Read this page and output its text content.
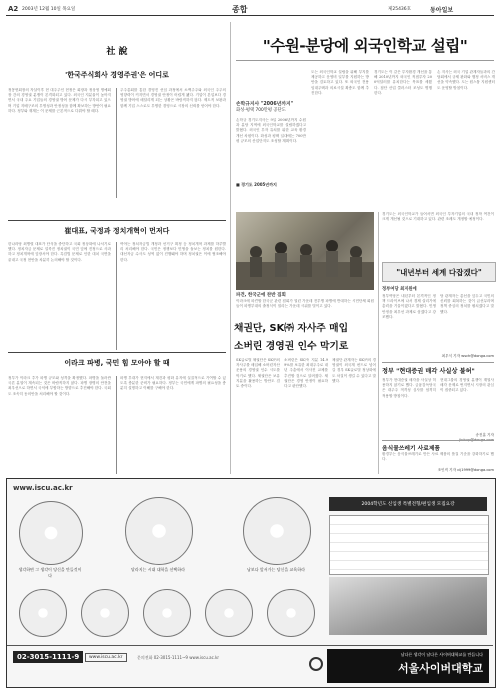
A2 2003년 12월 10일 목요일	종합	제25436호	동아일보
社 說
'한국주식회사 경영주권'은 어디로

정몽헌회장의 자살이후 현 대주주인 현정은 회장과 정상영 명예회장 간의 경영권 분쟁이 본격화되고 있다. 외국인 지분율이 높아지면서 국내 주요 기업들의 경영권 방어 문제가 다시 부각되고 있으며 기업 지배구조의 투명성과 안정성을 함께 확보하는 방안이 필요하다. 정부와 재계는 이 문제를 근본적으로 다뤄야 할 때다.

주주총회를 통한 경영진 선임 과정에서 소액주주와 외국인 주주의 영향력이 커지면서 경영권 안정이 어렵게 됐다. 기업이 본업보다 경영권 방어에 매달리게 되는 상황은 바람직하지 않다. 제도적 보완과 함께 기업 스스로도 투명한 경영으로 시장의 신뢰를 얻어야 한다.

崔대표, 국정과 정치개혁이 먼저다

한나라당 최병렬 대표가 단식을 중단하고 국회 정상화에 나서기로 했다. 정치자금 문제로 얼룩진 정치권이 국민 앞에 진정으로 사과하고 정치개혁에 앞장서야 한다. 특검법 문제로 인한 대치 국면을 끝내고 국정 현안을 차분히 논의해야 할 것이다.

여야는 정치자금법 개정과 선거구 획정 등 정치개혁 과제를 하루빨리 처리해야 한다. 국민은 정쟁보다 민생을 돌보는 정치를 원한다. 대선자금 수사도 성역 없이 진행돼야 하며 정치권은 이에 협조해야 한다.

이라크 파병, 국민 힘 모아야 할 때

정부가 이라크 추가 파병 규모와 성격을 확정했다. 파병을 둘러싼 국론 분열이 계속되는 것은 바람직하지 않다. 파병 장병의 안전을 최우선으로 하면서 국익에 부합하는 방향으로 추진해야 한다. 국회도 조속히 동의안을 처리해야 할 것이다.

파병 부대가 현지에서 재건과 평화 유지에 실질적으로 기여할 수 있도록 충분한 준비가 필요하다. 정부는 국민에게 파병의 필요성을 충분히 설명하고 이해를 구해야 한다.

"수원-분당에 외국인학교 설립"
손학규지사 "2006년까지"
화성-평택 700만평 공단도

손학규 경기도지사는 9일 2006년까지 수원과 분당 지역에 외국인학교를 설립하겠다고 밝혔다. 외국인 투자 유치를 위한 교육 환경 개선 차원이다. 화성과 평택 일대에는 700만평 규모의 산업단지도 조성할 계획이다.

■ 경기도 2005년까지

도는 외국인학교 설립을 위해 부지를 제공하고 운영비 일부를 지원하는 방안을 검토하고 있다. 또 외국인 전용 임대주택과 의료시설 확충도 함께 추진한다.

경기도는 이 같은 투자환경 개선을 통해 2010년까지 외국인 직접투자 200억달러를 유치한다는 목표를 세웠다. 첨단 산업 클러스터 조성도 병행한다.

손 지사는 외국 기업 관계자들과의 간담회에서 규제 완화와 행정 서비스 개선을 약속했다. 도는 원스톱 지원센터도 운영할 방침이다.

파견, 한국군에 찬반 집회
이라크에 파견할 한국군 관련 집회가 열린 가운데 전투병 파병에 반대하는 시민단체 회원들이 파병부대의 출정식이 열리는 가운데 시위를 벌이고 있다.
채권단, SK㈜ 자사주 매입
소버린 경영권 인수 막기로

SK글로벌 채권단은 SK㈜의 자사주를 매입해 소버린자산운용의 경영권 인수 시도를 막기로 했다. 채권단은 보유 지분을 활용하는 방안도 검토 중이다.

소버린은 SK㈜ 지분 14.99%를 보유한 최대주주로 내년 주총에서 이사진 교체를 추진할 것으로 알려졌다. 채권단은 경영 안정이 필요하다고 판단했다.

채권단 관계자는 SK㈜의 경영권이 외국계 펀드로 넘어갈 경우 SK글로벌 정상화에도 차질이 생길 수 있다고 말했다.

경기도는 외국인학교가 들어서면 외국인 투자기업의 국내 정착 여건이 크게 개선될 것으로 기대하고 있다. 관련 조례도 개정할 예정이다.

"내년부터 세계 다잡겠다"
정부여당 최지원에

정부여당은 내년부터 본격적인 정책 드라이브에 나서 경제 살리기에 총력을 기울이겠다고 밝혔다. 민생 안정을 최우선 과제로 삼겠다고 강조했다.

당 관계자는 총선을 앞두고 국민의 신뢰를 회복하는 것이 급선무라며 정책 중심의 정치를 펼치겠다고 말했다.

최우식 기자 wsch@donga.com
정부 "현대증권 매각 사실상 불허"

정부가 현대증권 매각을 사실상 허용하지 않기로 했다. 금융감독당국은 대주주 적격성 심사를 엄격히 적용할 방침이다.

현대그룹의 경영권 분쟁이 계열사 매각 문제로 번지면서 시장의 관심이 집중되고 있다.

송진흡 기자
음식물쓰레기 사료제품

환경부는 음식물쓰레기로 만든 사료 제품의 품질 기준을 강화하기로 했다.

조인직 기자 cij1999@donga.com
www.iscu.ac.kr
생각하면 그 생각이 당신을 만들것이다
달라지는 시대 대학을 선택하라	남보다 앞서가는 당신을 교육하라
2004학년도 신입생 특별전형/편입생 모집요강
02-3015-1111-9	www.iscu.ac.kr	문의전화 02-3015-1111~9 www.iscu.ac.kr
남다른 생각이 남다른 사이버대학교를 만듭니다
서울사이버대학교
